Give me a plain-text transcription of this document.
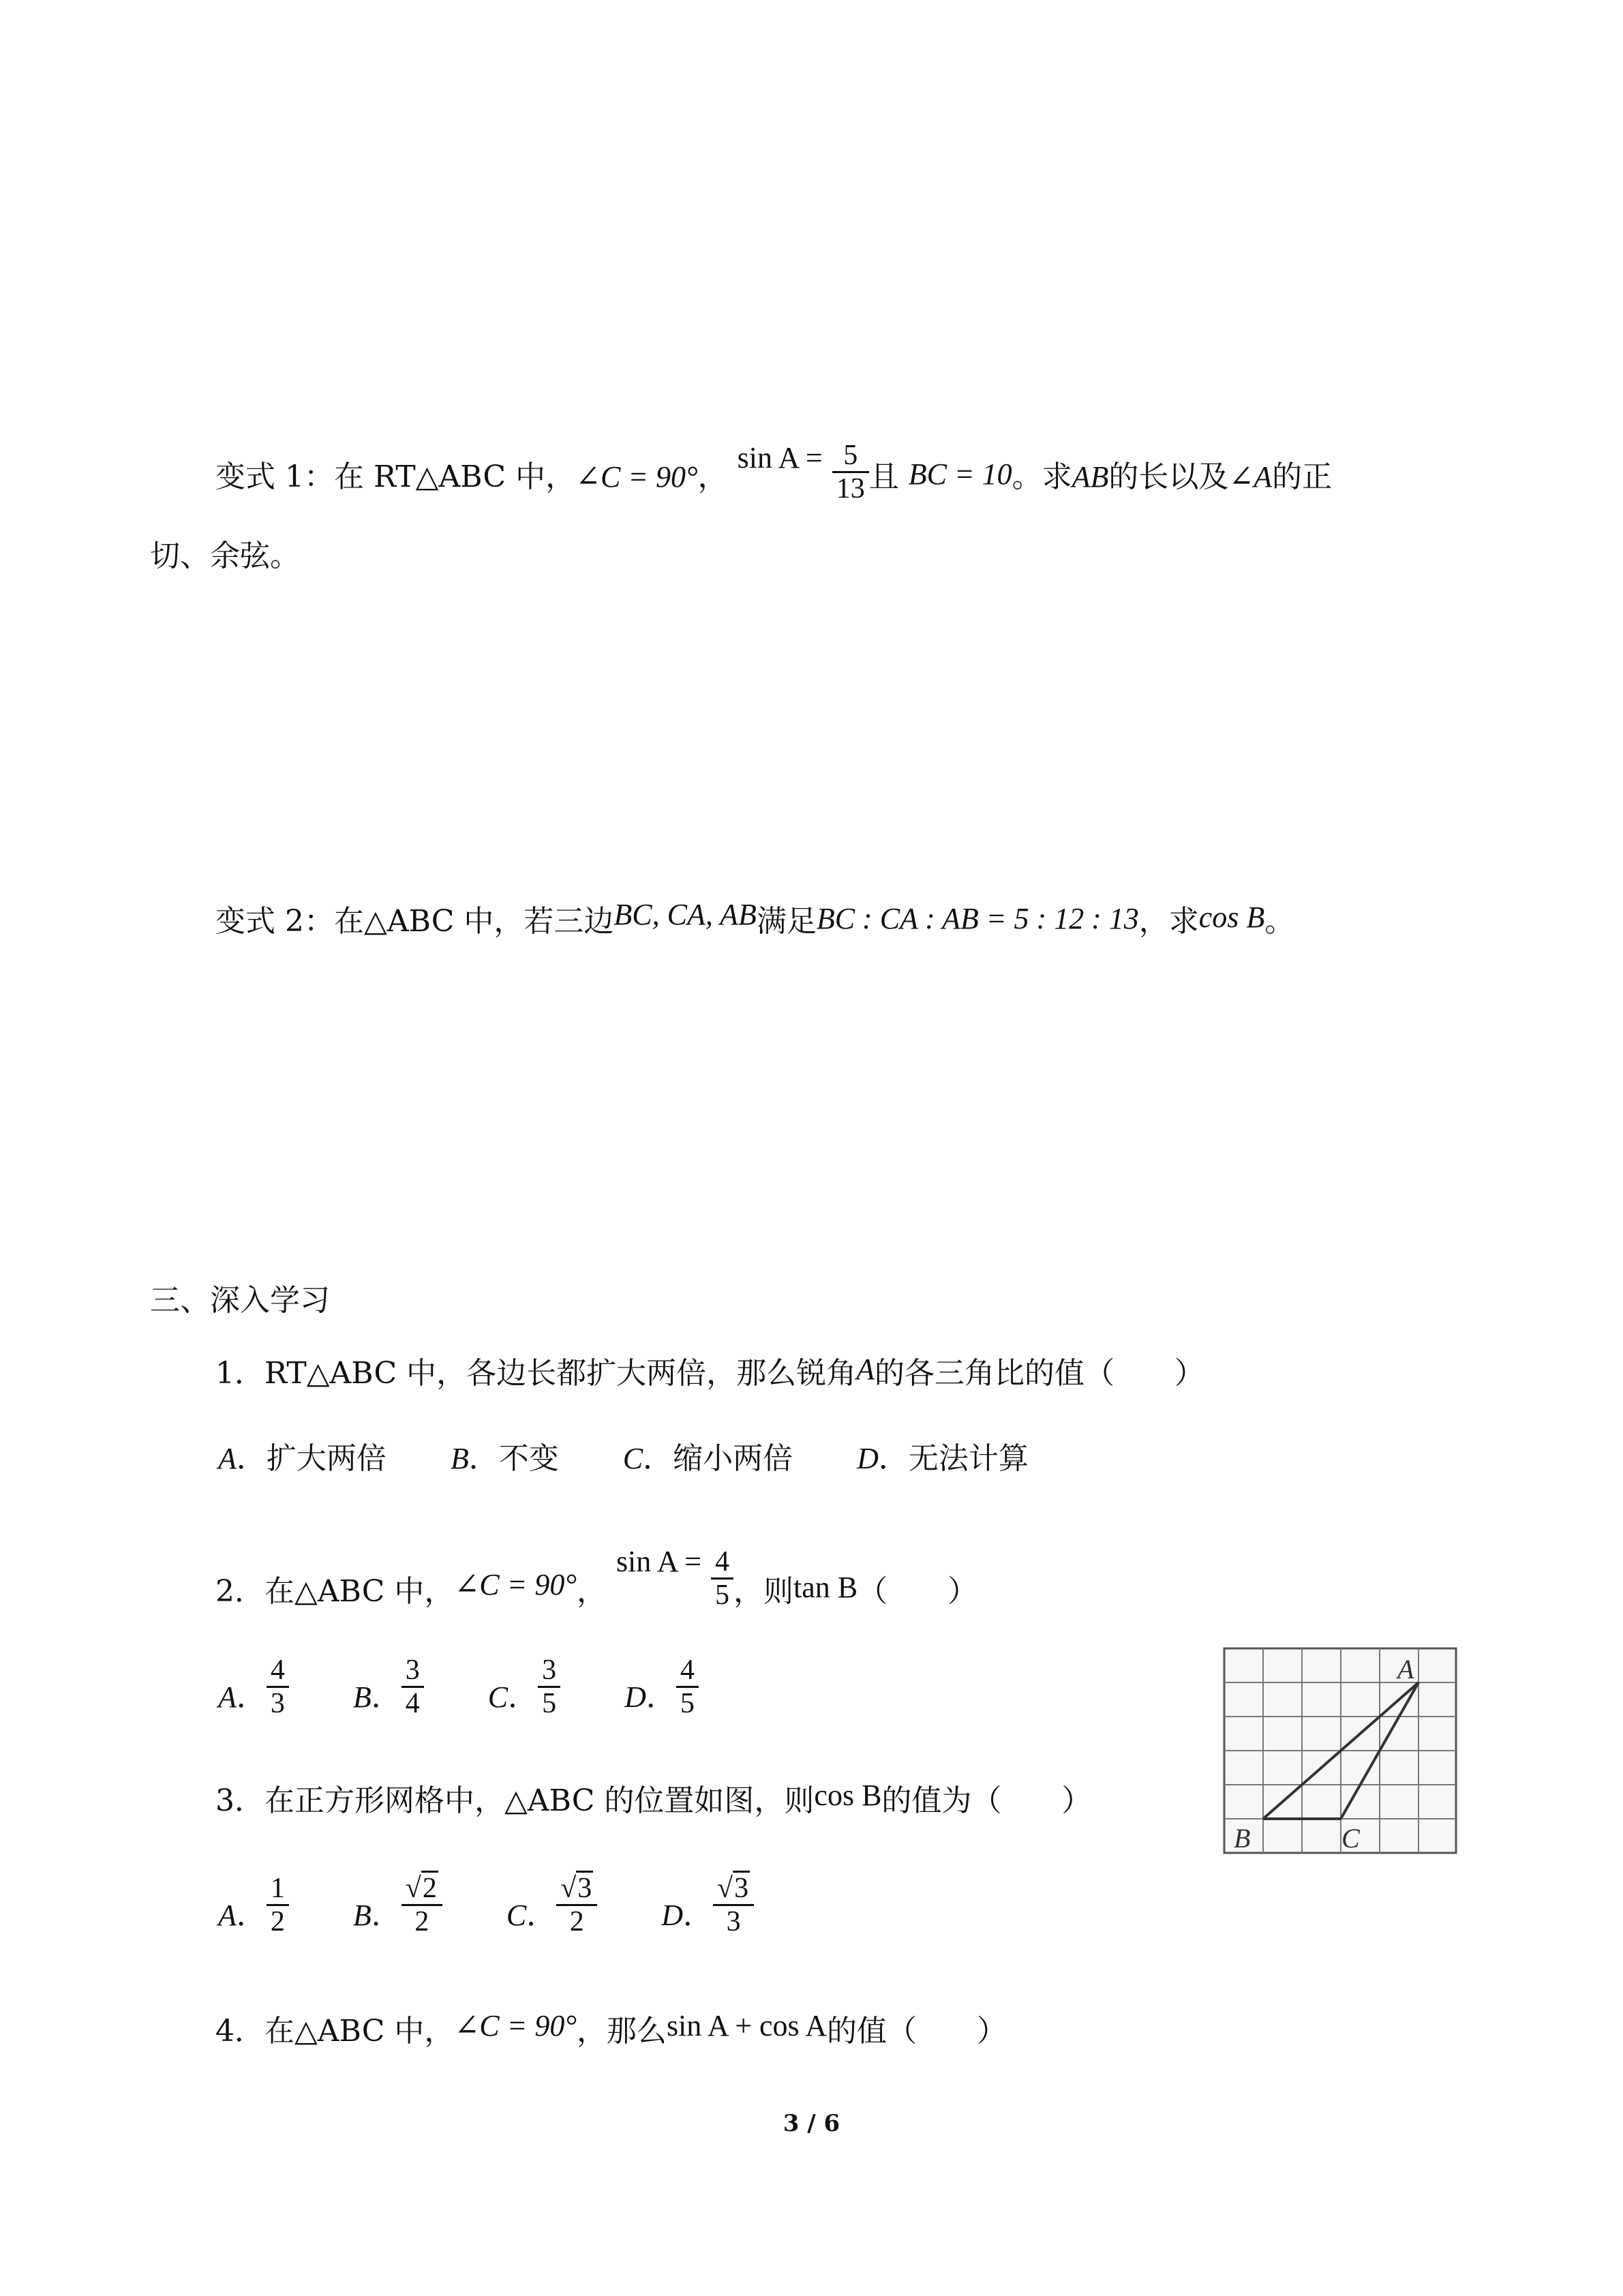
变式 1：在 RT△ABC 中，∠C = 90°， $\sin A = \frac{5}{13}$ 且 BC = 10。求AB的长以及∠A的正
切、余弦。
变式 2：在△ABC 中，若三边BC, CA, AB满足BC : CA : AB = 5 : 12 : 13，求cos B。
三、深入学习
1．RT△ABC 中，各边长都扩大两倍，那么锐角A的各三角比的值（　　）
A．扩大两倍 B．不变 C．缩小两倍 D．无法计算
2．在△ABC 中，∠C = 90°， $\sin A = \frac{4}{5}$ ，则tan B（　　）
A． $\frac{4}{3}$ B． $\frac{3}{4}$ C． $\frac{3}{5}$ D． $\frac{4}{5}$
3．在正方形网格中，△ABC 的位置如图，则cos B的值为（　　）
A． $\frac{1}{2}$ B． $\frac{√2}{2}$ C． $\frac{√3}{2}$ D． $\frac{√3}{3}$
A
B	C
4．在△ABC 中，∠C = 90°，那么sin A + cos A的值（　　）
3 / 6
